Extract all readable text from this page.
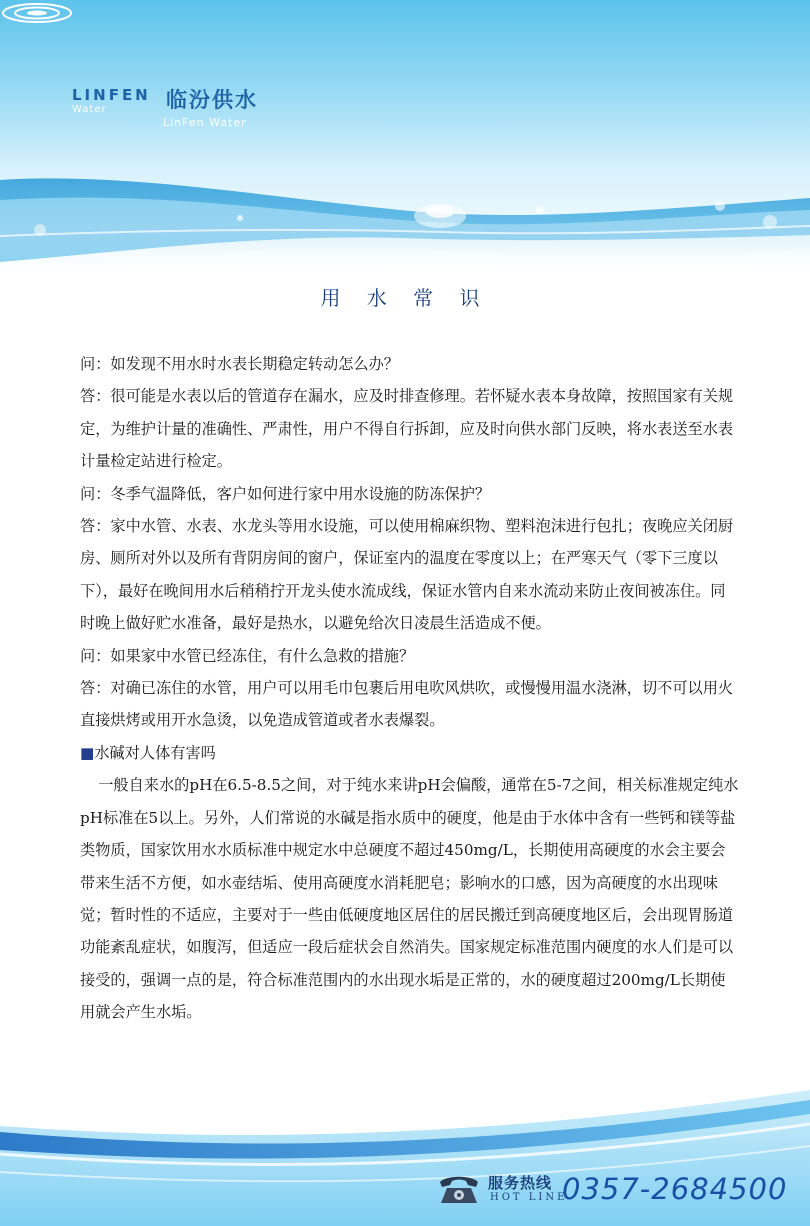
LINFEN
Water	临汾供水
LinFen Water
用 水 常 识

问：如发现不用水时水表长期稳定转动怎么办？

答：很可能是水表以后的管道存在漏水，应及时排查修理。若怀疑水表本身故障，按照国家有关规定，为维护计量的准确性、严肃性，用户不得自行拆卸，应及时向供水部门反映，将水表送至水表计量检定站进行检定。

问：冬季气温降低，客户如何进行家中用水设施的防冻保护？

答：家中水管、水表、水龙头等用水设施，可以使用棉麻织物、塑料泡沫进行包扎；夜晚应关闭厨房、厕所对外以及所有背阴房间的窗户，保证室内的温度在零度以上；在严寒天气（零下三度以下），最好在晚间用水后稍稍拧开龙头使水流成线，保证水管内自来水流动来防止夜间被冻住。同时晚上做好贮水准备，最好是热水，以避免给次日凌晨生活造成不便。

问：如果家中水管已经冻住，有什么急救的措施？

答：对确已冻住的水管，用户可以用毛巾包裹后用电吹风烘吹，或慢慢用温水浇淋，切不可以用火直接烘烤或用开水急烫，以免造成管道或者水表爆裂。

■水碱对人体有害吗

一般自来水的pH在6.5-8.5之间，对于纯水来讲pH会偏酸，通常在5-7之间，相关标准规定纯水pH标准在5以上。另外，人们常说的水碱是指水质中的硬度，他是由于水体中含有一些钙和镁等盐类物质，国家饮用水水质标准中规定水中总硬度不超过450mg/L，长期使用高硬度的水会主要会带来生活不方便，如水壶结垢、使用高硬度水消耗肥皂；影响水的口感，因为高硬度的水出现味觉；暂时性的不适应，主要对于一些由低硬度地区居住的居民搬迁到高硬度地区后，会出现胃肠道功能紊乱症状，如腹泻，但适应一段后症状会自然消失。国家规定标准范围内硬度的水人们是可以接受的，强调一点的是，符合标准范围内的水出现水垢是正常的，水的硬度超过200mg/L长期使用就会产生水垢。

服务热线
HOT LINE
0357-2684500
